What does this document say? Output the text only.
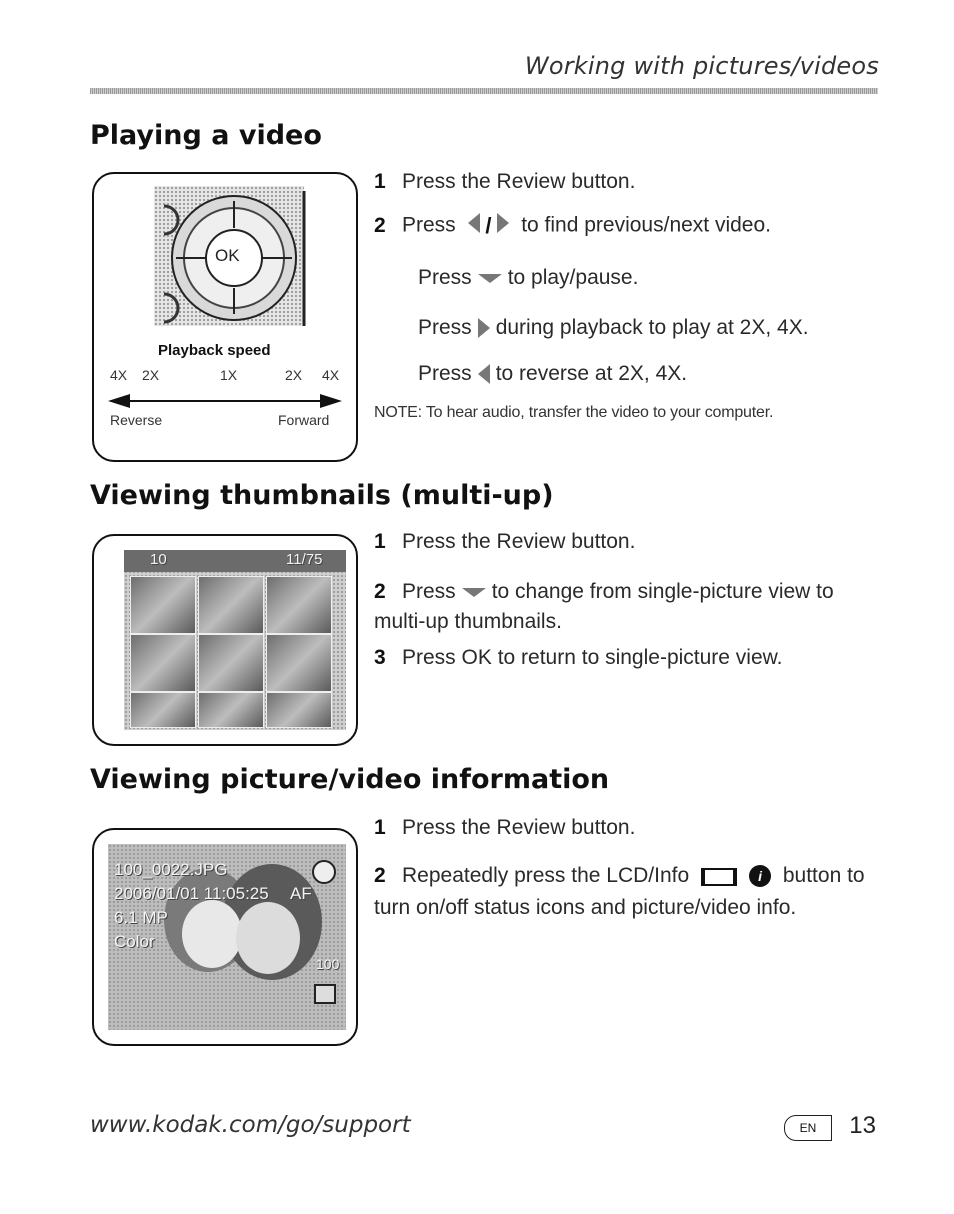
Working with pictures/videos
Playing a video
OK
Playback speed
4X 2X	1X	2X 4X
Reverse	Forward
1 Press the Review button.
2 Press / to find previous/next video.
Press to play/pause.
Press during playback to play at 2X, 4X.
Press to reverse at 2X, 4X.
NOTE: To hear audio, transfer the video to your computer.
Viewing thumbnails (multi-up)
10	11/75
1 Press the Review button.
2 Press to change from single-picture view to multi-up thumbnails.
3 Press OK to return to single-picture view.
Viewing picture/video information
100_0022.JPG
2006/01/01 11:05:25
6.1 MP
Color
AF
100
1 Press the Review button.
2 Repeatedly press the LCD/Info	i button to turn on/off status icons and picture/video info.
www.kodak.com/go/support	EN	13
